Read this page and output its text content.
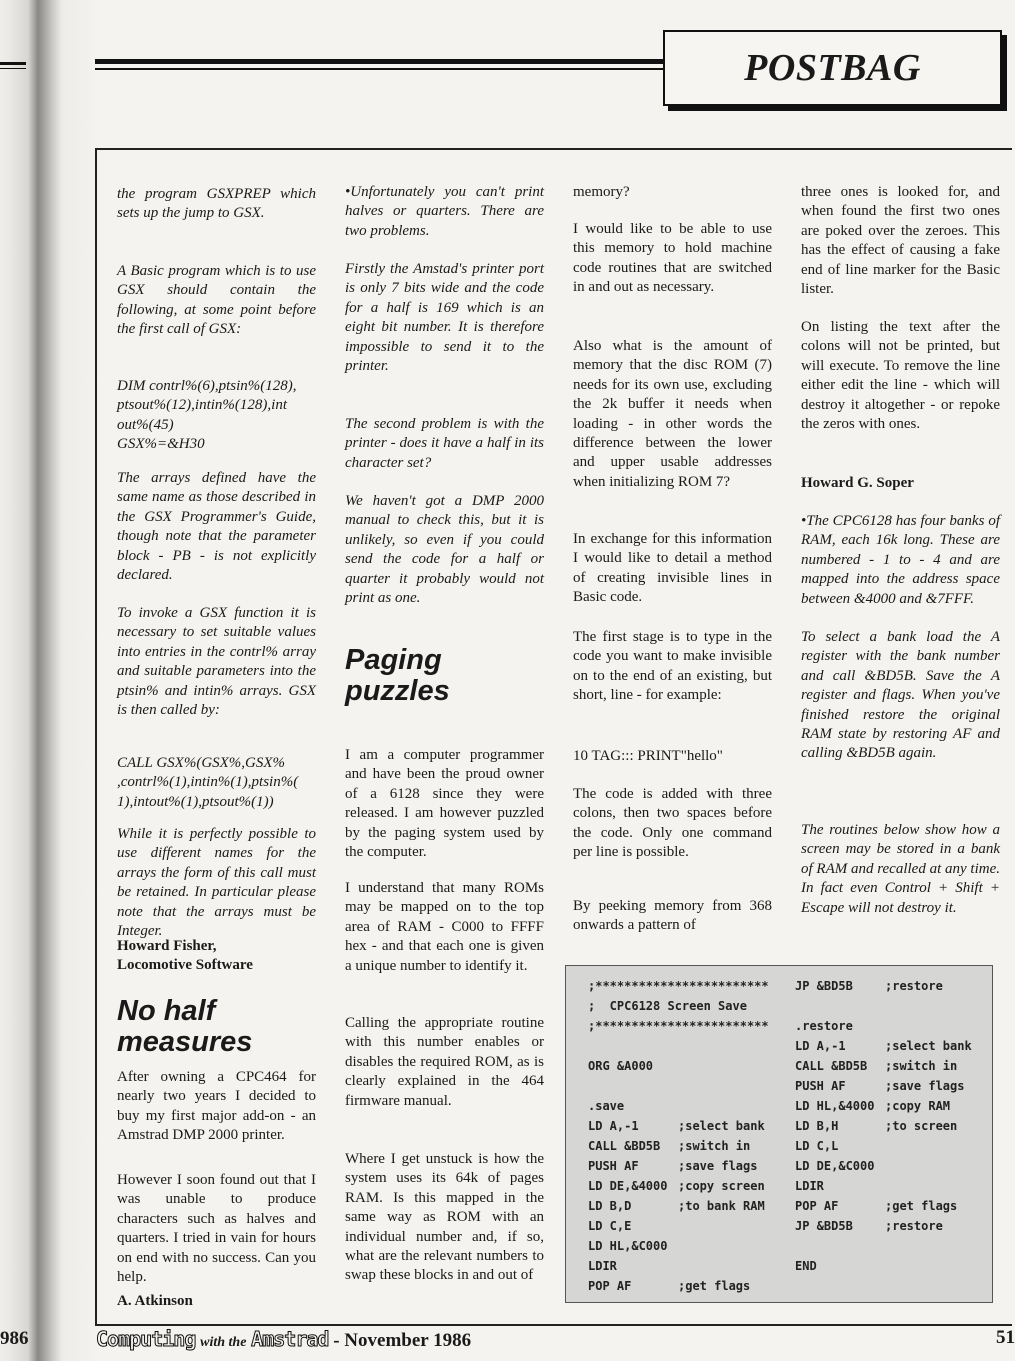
986
POSTBAG

the program GSXPREP which sets up the jump to GSX.

A Basic program which is to use GSX should contain the following, at some point before the first call of GSX:

DIM contrl%(6),ptsin%(128),
ptsout%(12),intin%(128),int
out%(45)
GSX%=&H30

The arrays defined have the same name as those described in the GSX Programmer's Guide, though note that the parameter block - PB - is not explicitly declared.

To invoke a GSX function it is necessary to set suitable values into entries in the contrl% array and suitable parameters into the ptsin% and intin% arrays. GSX is then called by:

CALL GSX%(GSX%,GSX%
,contrl%(1),intin%(1),ptsin%(
1),intout%(1),ptsout%(1))

While it is perfectly possible to use different names for the arrays the form of this call must be retained. In particular please note that the arrays must be Integer.

Howard Fisher,
Locomotive Software

No half measures

After owning a CPC464 for nearly two years I decided to buy my first major add-on - an Amstrad DMP 2000 printer.

However I soon found out that I was unable to produce characters such as halves and quarters. I tried in vain for hours on end with no success. Can you help.

A. Atkinson

•Unfortunately you can't print halves or quarters. There are two problems.

Firstly the Amstad's printer port is only 7 bits wide and the code for a half is 169 which is an eight bit number. It is therefore impossible to send it to the printer.

The second problem is with the printer - does it have a half in its character set?

We haven't got a DMP 2000 manual to check this, but it is unlikely, so even if you could send the code for a half or quarter it probably would not print as one.

Paging puzzles

I am a computer programmer and have been the proud owner of a 6128 since they were released. I am however puzzled by the paging system used by the computer.

I understand that many ROMs may be mapped on to the top area of RAM - C000 to FFFF hex - and that each one is given a unique number to identify it.

Calling the appropriate routine with this number enables or disables the required ROM, as is clearly explained in the 464 firmware manual.

Where I get unstuck is how the system uses its 64k of pages RAM. Is this mapped in the same way as ROM with an individual number and, if so, what are the relevant numbers to swap these blocks in and out of

memory?

I would like to be able to use this memory to hold machine code routines that are switched in and out as necessary.

Also what is the amount of memory that the disc ROM (7) needs for its own use, excluding the 2k buffer it needs when loading - in other words the difference between the lower and upper usable addresses when initializing ROM 7?

In exchange for this information I would like to detail a method of creating invisible lines in Basic code.

The first stage is to type in the code you want to make invisible on to the end of an existing, but short, line - for example:

10 TAG::: PRINT"hello"

The code is added with three colons, then two spaces before the code. Only one command per line is possible.

By peeking memory from 368 onwards a pattern of

three ones is looked for, and when found the first two ones are poked over the zeroes. This has the effect of causing a fake end of line marker for the Basic lister.

On listing the text after the colons will not be printed, but will execute. To remove the line either edit the line - which will destroy it altogether - or repoke the zeros with ones.

Howard G. Soper

•The CPC6128 has four banks of RAM, each 16k long. These are numbered - 1 to - 4 and are mapped into the address space between &4000 and &7FFF.

To select a bank load the A register with the bank number and call &BD5B. Save the A register and flags. When you've finished restore the original RAM state by restoring AF and calling &BD5B again.

The routines below show how a screen may be stored in a bank of RAM and recalled at any time. In fact even Control + Shift + Escape will not destroy it.

;************************
;  CPC6128 Screen Save
;************************
ORG &A000
.save
LD A,-1	;select bank
CALL &BD5B ;switch in
PUSH AF	;save flags
LD DE,&4000 ;copy screen
LD B,D	;to bank RAM
LD C,E
LD HL,&C000
LDIR
POP AF	;get flags
JP &BD5B	;restore
.restore
LD A,-1	;select bank
CALL &BD5B ;switch in
PUSH AF	;save flags
LD HL,&4000 ;copy RAM
LD B,H	;to screen
LD C,L
LD DE,&C000
LDIR
POP AF	;get flags
JP &BD5B	;restore
END
Computing with the Amstrad - November 1986	51
